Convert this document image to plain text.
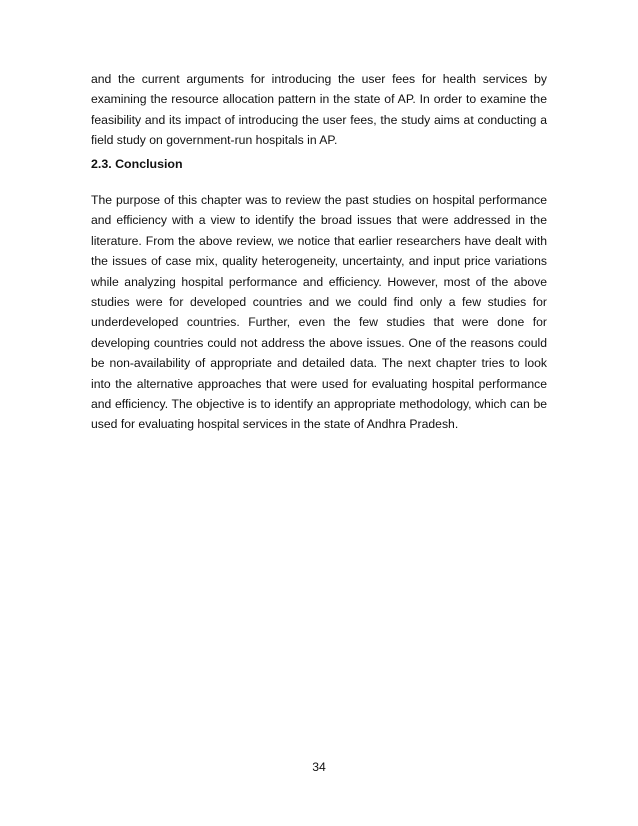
and the current arguments for introducing the user fees for health services by examining the resource allocation pattern in the state of AP. In order to examine the feasibility and its impact of introducing the user fees, the study aims at conducting a field study on government-run hospitals in AP.

2.3. Conclusion

The purpose of this chapter was to review the past studies on hospital performance and efficiency with a view to identify the broad issues that were addressed in the literature. From the above review, we notice that earlier researchers have dealt with the issues of case mix, quality heterogeneity, uncertainty, and input price variations while analyzing hospital performance and efficiency. However, most of the above studies were for developed countries and we could find only a few studies for underdeveloped countries. Further, even the few studies that were done for developing countries could not address the above issues. One of the reasons could be non-availability of appropriate and detailed data. The next chapter tries to look into the alternative approaches that were used for evaluating hospital performance and efficiency. The objective is to identify an appropriate methodology, which can be used for evaluating hospital services in the state of Andhra Pradesh.

34
